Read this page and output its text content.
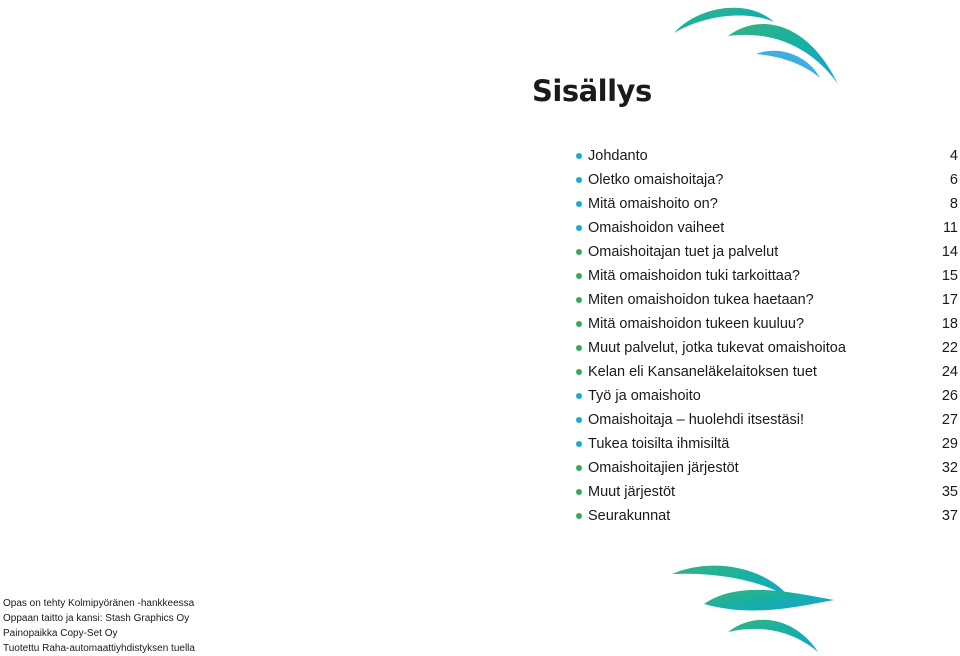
Sisällys
Johdanto	4
Oletko omaishoitaja?	6
Mitä omaishoito on?	8
Omaishoidon vaiheet	11
Omaishoitajan tuet ja palvelut	14
Mitä omaishoidon tuki tarkoittaa?	15
Miten omaishoidon tukea haetaan?	17
Mitä omaishoidon tukeen kuuluu?	18
Muut palvelut, jotka tukevat omaishoitoa	22
Kelan eli Kansaneläkelaitoksen tuet	24
Työ ja omaishoito	26
Omaishoitaja – huolehdi itsestäsi!	27
Tukea toisilta ihmisiltä	29
Omaishoitajien järjestöt	32
Muut järjestöt	35
Seurakunnat	37
Opas on tehty Kolmipyöränen -hankkeessa
Oppaan taitto ja kansi: Stash Graphics Oy
Painopaikka Copy-Set Oy
Tuotettu Raha-automaattiyhdistyksen tuella
